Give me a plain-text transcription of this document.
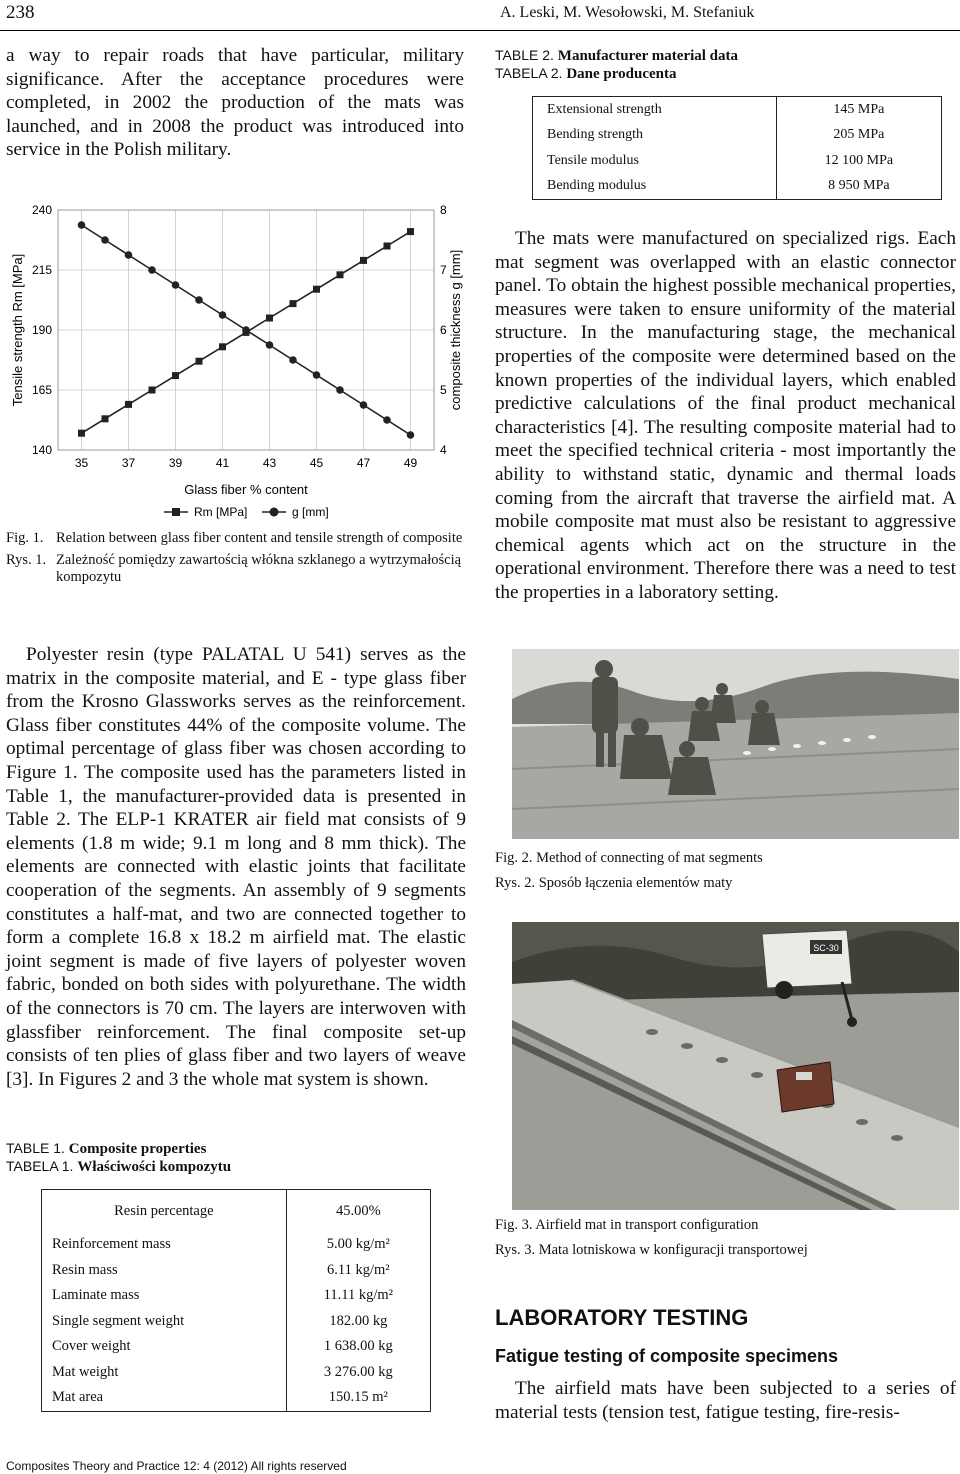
238	A. Leski, M. Wesołowski, M. Stefaniuk

a way to repair roads that have particular, military significance. After the acceptance procedures were completed, in 2002 the production of the mats was launched, and in 2008 the product was introduced into service in the Polish military.

TABLE 2. Manufacturer material data
TABELA 2. Dane producenta
Extensional strength	145 MPa
Bending strength	205 MPa
Tensile modulus	12 100 MPa
Bending modulus	8 950 MPa
35	37	39	41	43	45	47	49
140
165
190
215
240
4
5
6
7
8
Glass fiber % content
Tensile strength Rm [MPa]	composite thickness g [mm]
Rm [MPa]	g [mm]
Fig. 1. Relation between glass fiber content and tensile strength of composite
Rys. 1. Zależność pomiędzy zawartością włókna szklanego a wytrzymałością kompozytu

Polyester resin (type PALATAL U 541) serves as the matrix in the composite material, and E - type glass fiber from the Krosno Glassworks serves as the reinforcement. Glass fiber constitutes 44% of the composite volume. The optimal percentage of glass fiber was chosen according to Figure 1. The composite used has the parameters listed in Table 1, the manufacturer-provided data is presented in Table 2. The ELP-1 KRATER air field mat consists of 9 elements (1.8 m wide; 9.1 m long and 8 mm thick). The elements are connected with elastic joints that facilitate cooperation of the segments. An assembly of 9 segments constitutes a half-mat, and two are connected together to form a complete 16.8 x 18.2 m airfield mat. The elastic joint segment is made of five layers of polyester woven fabric, bonded on both sides with polyurethane. The width of the connectors is 70 cm. The layers are interwoven with glassfiber reinforcement. The final composite set-up consists of ten plies of glass fiber and two layers of weave [3]. In Figures 2 and 3 the whole mat system is shown.

The mats were manufactured on specialized rigs. Each mat segment was overlapped with an elastic connector panel. To obtain the highest possible mechanical properties, measures were taken to ensure uniformity of the material structure. In the manufacturing stage, the mechanical properties of the composite were determined based on the known properties of the individual layers, which enabled predictive calculations of the final product mechanical characteristics [4]. The resulting composite material had to meet the specified technical criteria - most importantly the ability to withstand static, dynamic and thermal loads coming from the aircraft that traverse the airfield mat. A mobile composite mat must also be resistant to aggressive chemical agents which act on the structure in the operational environment. Therefore there was a need to test the properties in a laboratory setting.

Fig. 2. Method of connecting of mat segments
Rys. 2. Sposób łączenia elementów maty
SC-30
Fig. 3. Airfield mat in transport configuration
Rys. 3. Mata lotniskowa w konfiguracji transportowej
TABLE 1. Composite properties
TABELA 1. Właściwości kompozytu
Resin percentage	45.00%
Reinforcement mass	5.00 kg/m²
Resin mass	6.11 kg/m²
Laminate mass	11.11 kg/m²
Single segment weight	182.00 kg
Cover weight	1 638.00 kg
Mat weight	3 276.00 kg
Mat area	150.15 m²
LABORATORY TESTING
Fatigue testing of composite specimens

The airfield mats have been subjected to a series of material tests (tension test, fatigue testing, fire-resis-

Composites Theory and Practice 12: 4 (2012) All rights reserved
